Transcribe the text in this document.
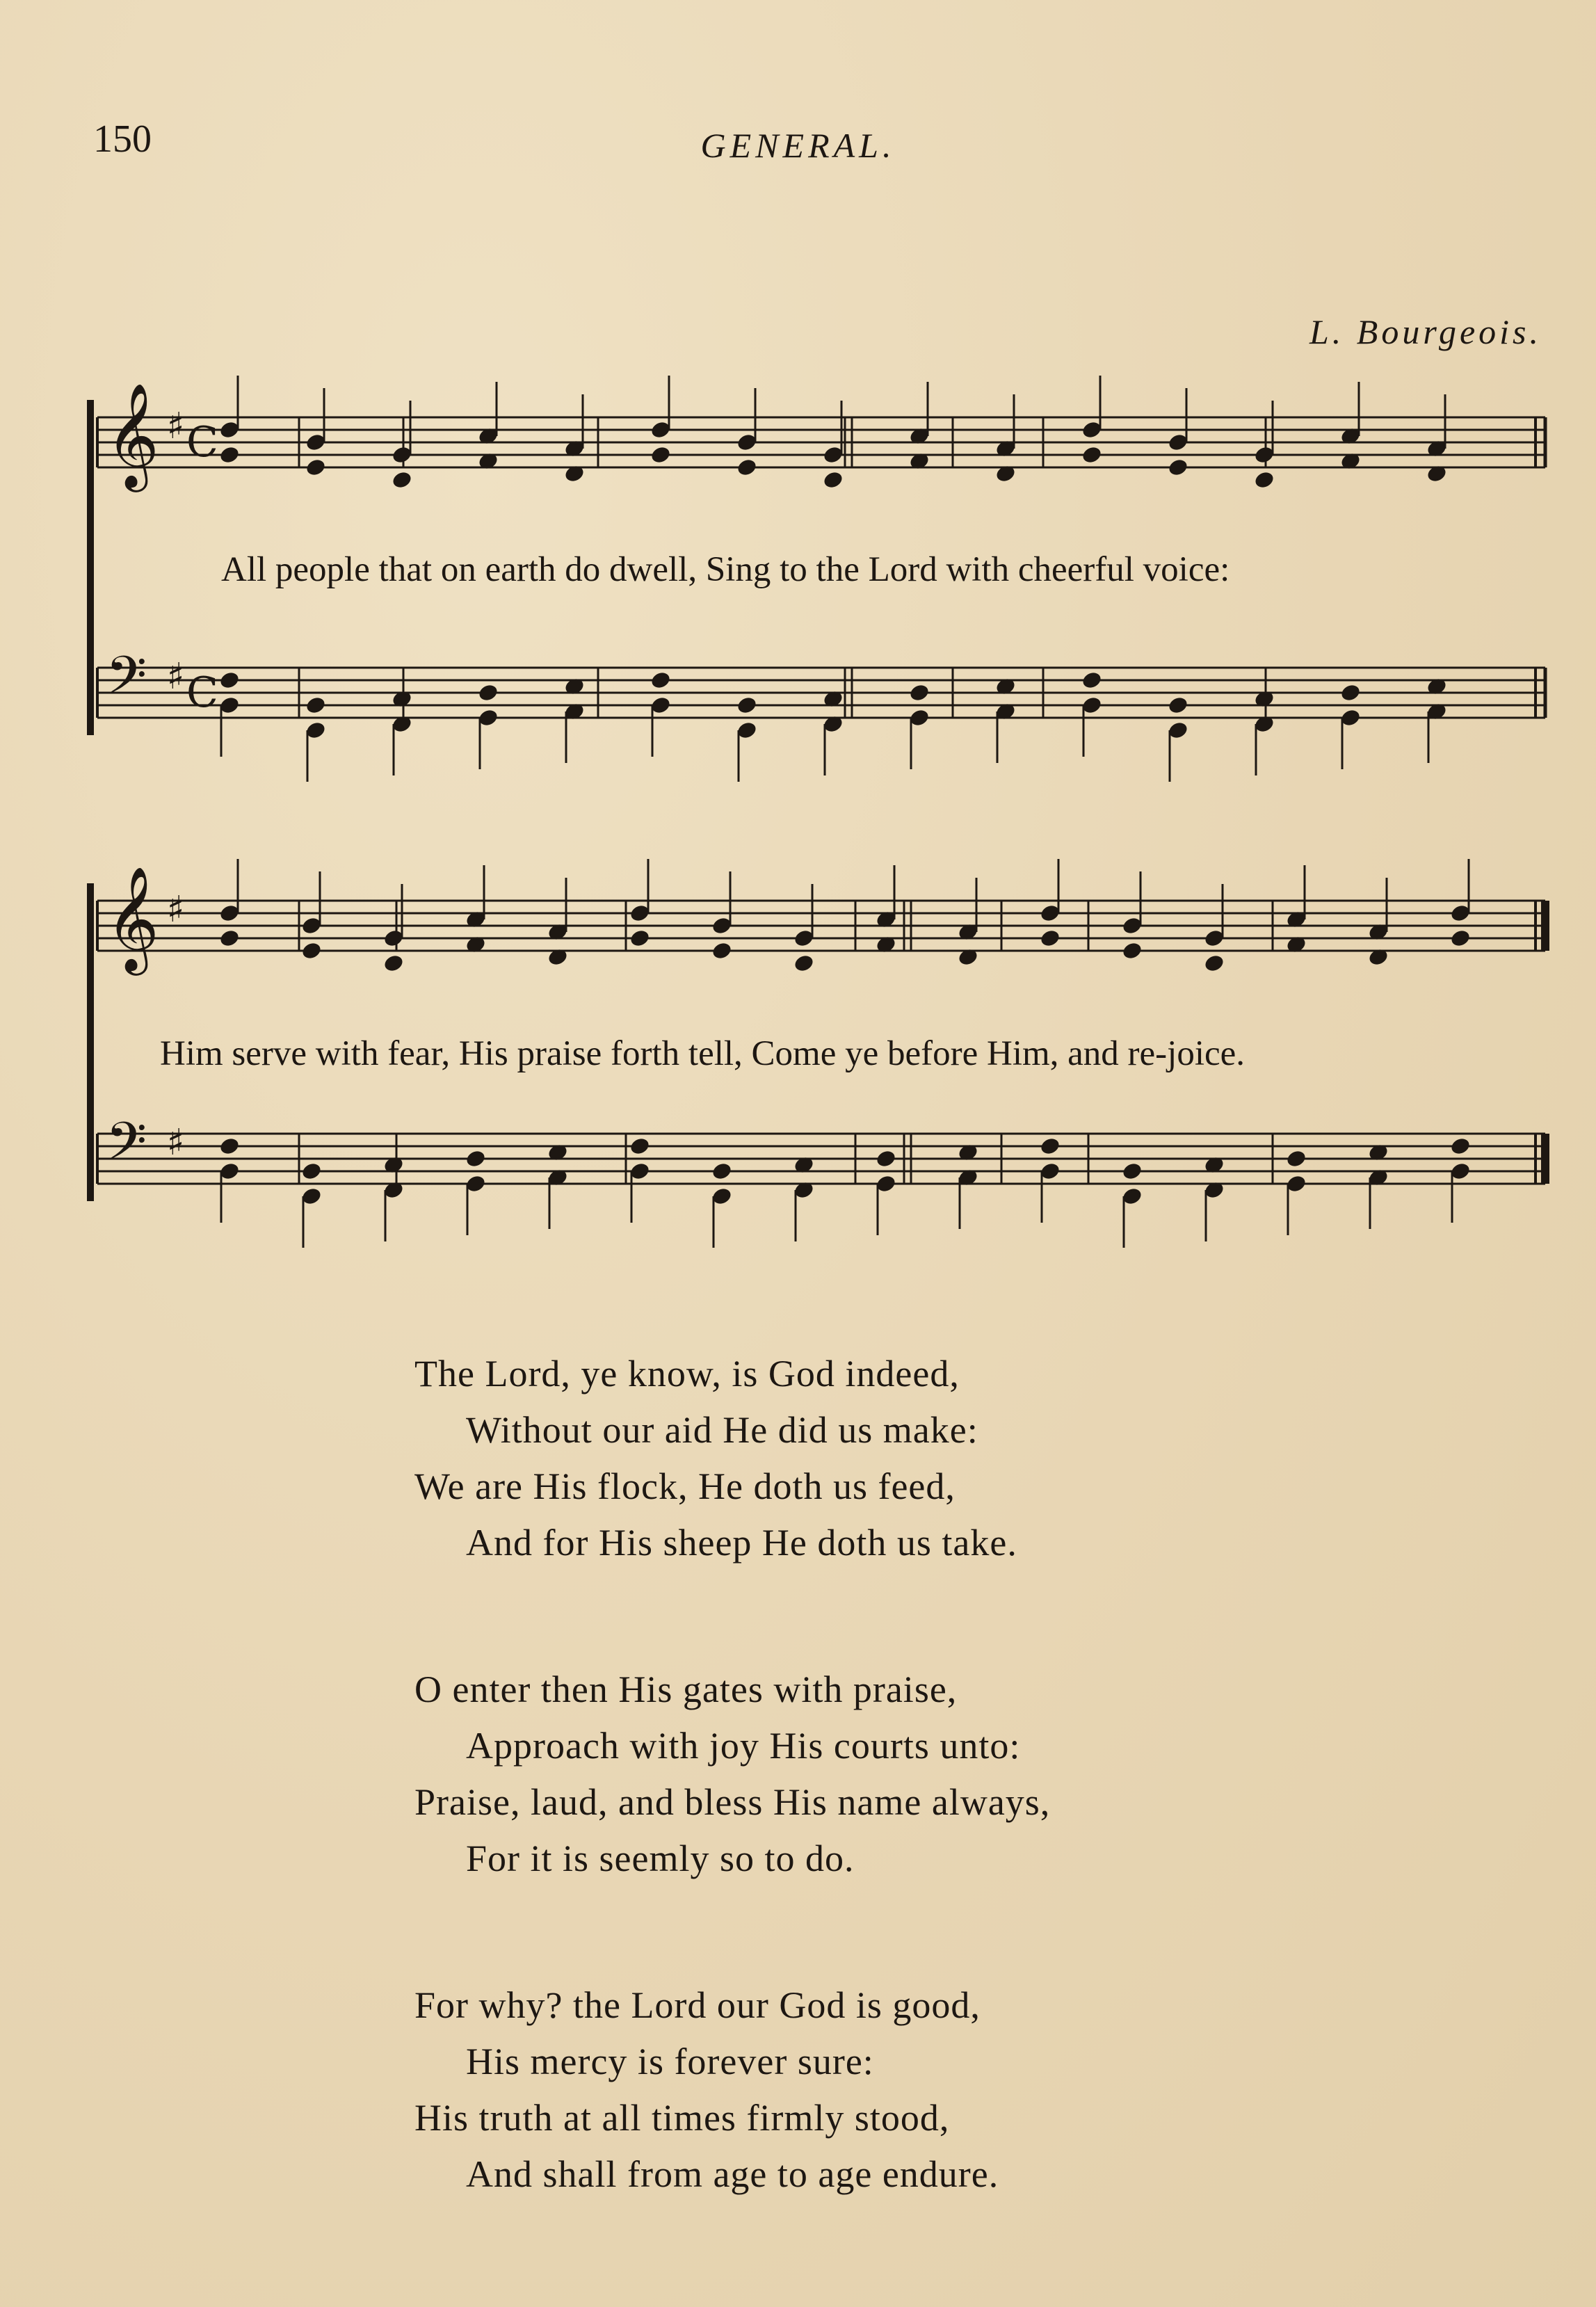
150	GENERAL.
L. Bourgeois.
𝄞 ♯ C
𝄢 ♯ C
𝄞 ♯
𝄢 ♯
All people that on earth do dwell, Sing to the Lord with cheerful voice:
Him serve with fear, His praise forth tell, Come ye before Him, and re-joice.
The Lord, ye know, is God indeed,
Without our aid He did us make:
We are His flock, He doth us feed,
And for His sheep He doth us take.
O enter then His gates with praise,
Approach with joy His courts unto:
Praise, laud, and bless His name always,
For it is seemly so to do.
For why? the Lord our God is good,
His mercy is forever sure:
His truth at all times firmly stood,
And shall from age to age endure.
